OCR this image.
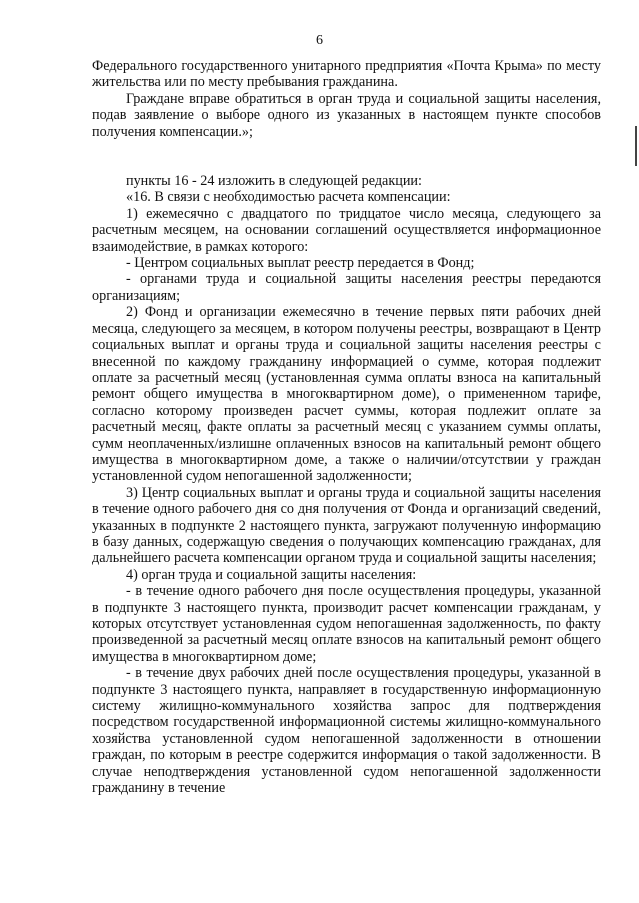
6

Федерального государственного унитарного предприятия «Почта Крыма» по месту жительства или по месту пребывания гражданина.

Граждане вправе обратиться в орган труда и социальной защиты населения, подав заявление о выборе одного из указанных в настоящем пункте способов получения компенсации.»;

пункты 16 - 24 изложить в следующей редакции:

«16. В связи с необходимостью расчета компенсации:

1) ежемесячно с двадцатого по тридцатое число месяца, следующего за расчетным месяцем, на основании соглашений осуществляется информационное взаимодействие, в рамках которого:

- Центром социальных выплат реестр передается в Фонд;

- органами труда и социальной защиты населения реестры передаются организациям;

2) Фонд и организации ежемесячно в течение первых пяти рабочих дней месяца, следующего за месяцем, в котором получены реестры, возвращают в Центр социальных выплат и органы труда и социальной защиты населения реестры с внесенной по каждому гражданину информацией о сумме, которая подлежит оплате за расчетный месяц (установленная сумма оплаты взноса на капитальный ремонт общего имущества в многоквартирном доме), о примененном тарифе, согласно которому произведен расчет суммы, которая подлежит оплате за расчетный месяц, факте оплаты за расчетный месяц с указанием суммы оплаты, сумм неоплаченных/излишне оплаченных взносов на капитальный ремонт общего имущества в многоквартирном доме, а также о наличии/отсутствии у граждан установленной судом непогашенной задолженности;

3) Центр социальных выплат и органы труда и социальной защиты населения в течение одного рабочего дня со дня получения от Фонда и организаций сведений, указанных в подпункте 2 настоящего пункта, загружают полученную информацию в базу данных, содержащую сведения о получающих компенсацию гражданах, для дальнейшего расчета компенсации органом труда и социальной защиты населения;

4) орган труда и социальной защиты населения:

- в течение одного рабочего дня после осуществления процедуры, указанной в подпункте 3 настоящего пункта, производит расчет компенсации гражданам, у которых отсутствует установленная судом непогашенная задолженность, по факту произведенной за расчетный месяц оплате взносов на капитальный ремонт общего имущества в многоквартирном доме;

- в течение двух рабочих дней после осуществления процедуры, указанной в подпункте 3 настоящего пункта, направляет в государственную информационную систему жилищно-коммунального хозяйства запрос для подтверждения посредством государственной информационной системы жилищно-коммунального хозяйства установленной судом непогашенной задолженности в отношении граждан, по которым в реестре содержится информация о такой задолженности. В случае неподтверждения установленной судом непогашенной задолженности гражданину в течение
